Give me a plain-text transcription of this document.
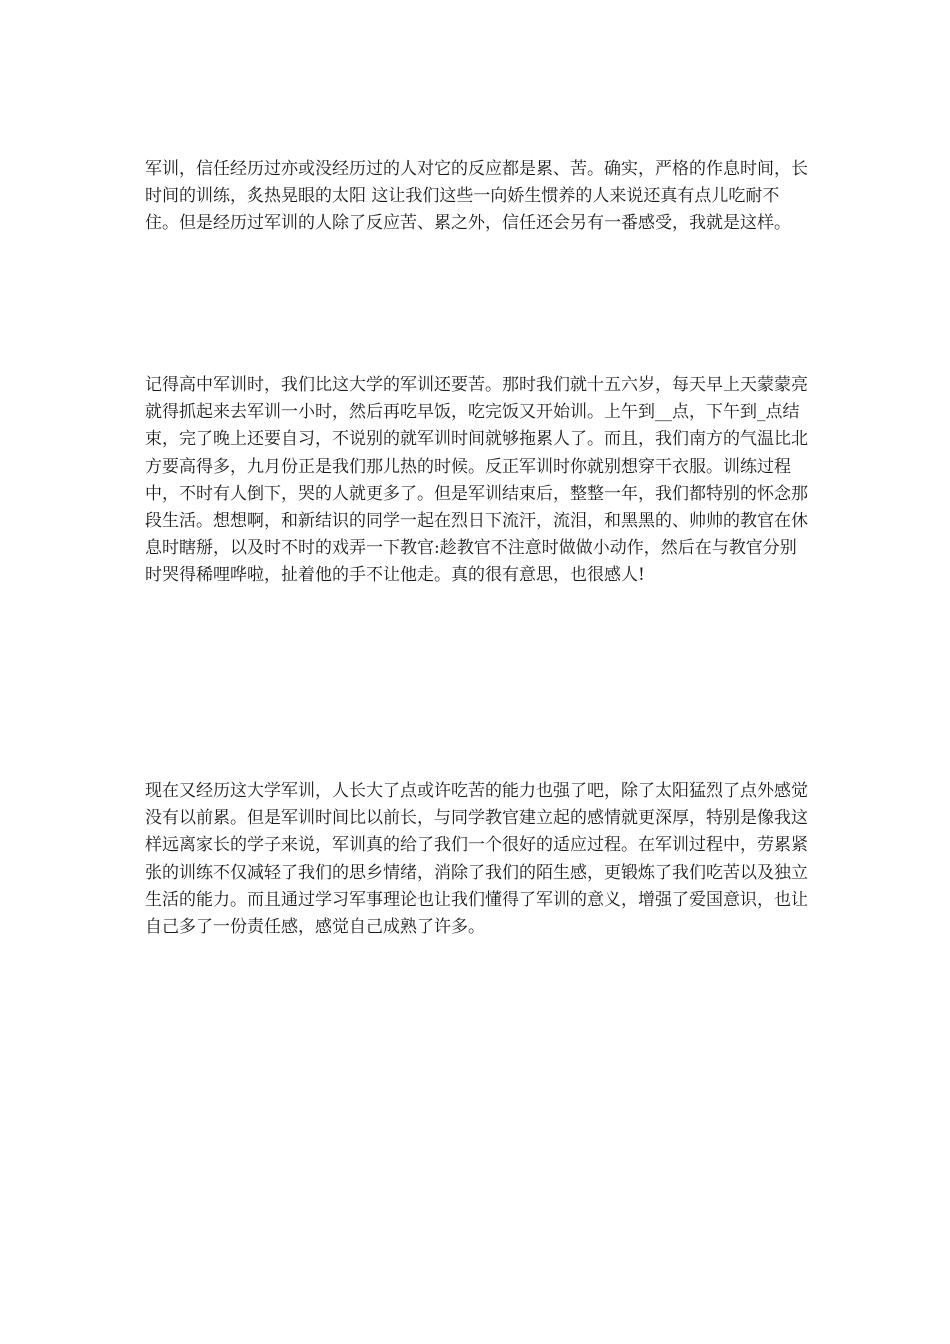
军训，信任经历过亦或没经历过的人对它的反应都是累、苦。确实，严格的作息时间，长时间的训练，炙热晃眼的太阳 这让我们这些一向娇生惯养的人来说还真有点儿吃耐不住。但是经历过军训的人除了反应苦、累之外，信任还会另有一番感受，我就是这样。

记得高中军训时，我们比这大学的军训还要苦。那时我们就十五六岁，每天早上天蒙蒙亮就得抓起来去军训一小时，然后再吃早饭，吃完饭又开始训。上午到__点，下午到_点结束，完了晚上还要自习，不说别的就军训时间就够拖累人了。而且，我们南方的气温比北方要高得多，九月份正是我们那儿热的时候。反正军训时你就别想穿干衣服。训练过程中，不时有人倒下，哭的人就更多了。但是军训结束后，整整一年，我们都特别的怀念那段生活。想想啊，和新结识的同学一起在烈日下流汗，流泪，和黑黑的、帅帅的教官在休息时瞎掰，以及时不时的戏弄一下教官:趁教官不注意时做做小动作，然后在与教官分别时哭得稀哩哗啦，扯着他的手不让他走。真的很有意思，也很感人!

现在又经历这大学军训，人长大了点或许吃苦的能力也强了吧，除了太阳猛烈了点外感觉没有以前累。但是军训时间比以前长，与同学教官建立起的感情就更深厚，特别是像我这样远离家长的学子来说，军训真的给了我们一个很好的适应过程。在军训过程中，劳累紧张的训练不仅减轻了我们的思乡情绪，消除了我们的陌生感，更锻炼了我们吃苦以及独立生活的能力。而且通过学习军事理论也让我们懂得了军训的意义，增强了爱国意识，也让自己多了一份责任感，感觉自己成熟了许多。
